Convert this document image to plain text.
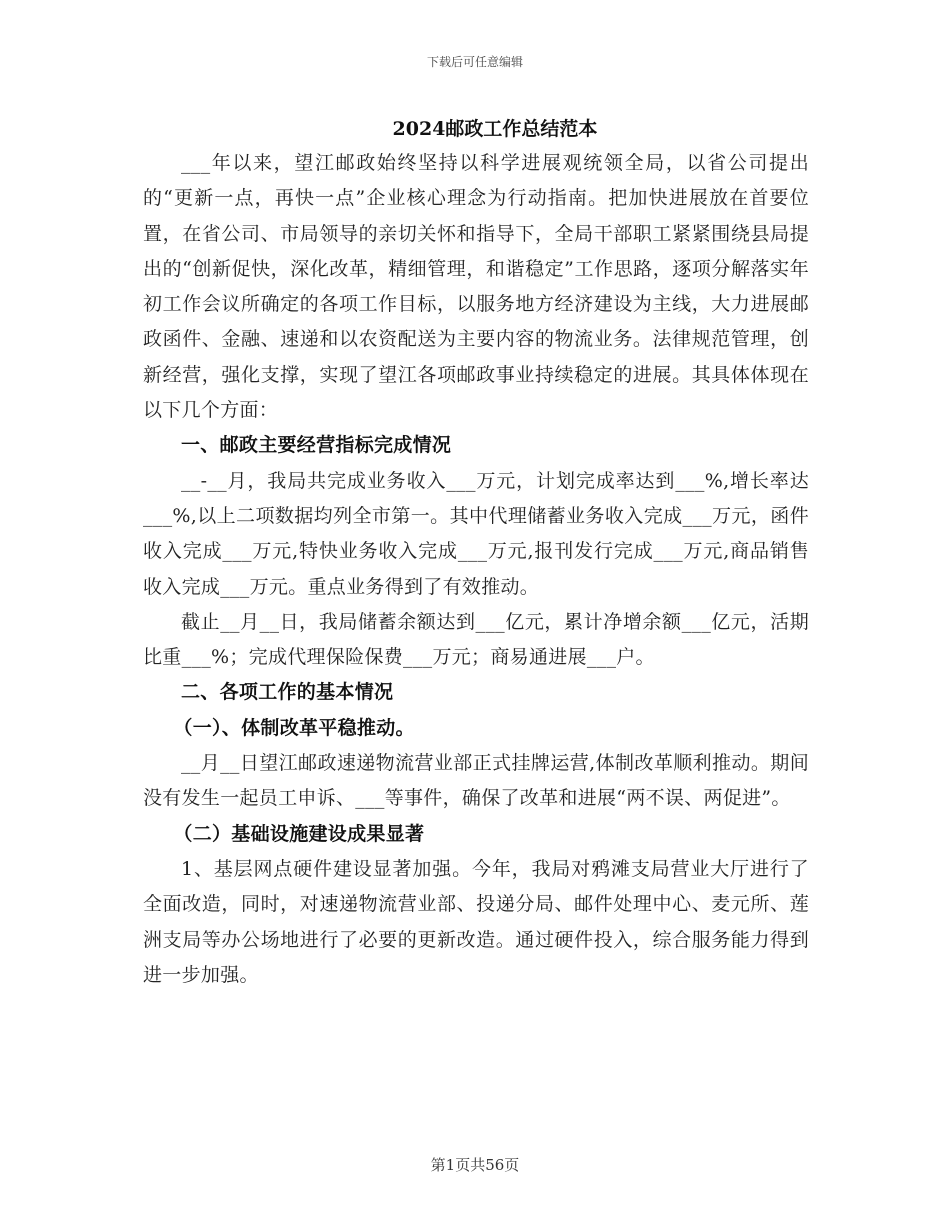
下载后可任意编辑
2024邮政工作总结范本

___年以来，望江邮政始终坚持以科学进展观统领全局，以省公司提出的“更新一点，再快一点”企业核心理念为行动指南。把加快进展放在首要位置，在省公司、市局领导的亲切关怀和指导下，全局干部职工紧紧围绕县局提出的“创新促快，深化改革，精细管理，和谐稳定”工作思路，逐项分解落实年初工作会议所确定的各项工作目标，以服务地方经济建设为主线，大力进展邮政函件、金融、速递和以农资配送为主要内容的物流业务。法律规范管理，创新经营，强化支撑，实现了望江各项邮政事业持续稳定的进展。其具体体现在以下几个方面：

一、邮政主要经营指标完成情况

__-__月，我局共完成业务收入___万元，计划完成率达到___%,增长率达___%,以上二项数据均列全市第一。其中代理储蓄业务收入完成___万元，函件收入完成___万元,特快业务收入完成___万元,报刊发行完成___万元,商品销售收入完成___万元。重点业务得到了有效推动。

截止__月__日，我局储蓄余额达到___亿元，累计净增余额___亿元，活期比重___%；完成代理保险保费___万元；商易通进展___户。

二、各项工作的基本情况

（一）、体制改革平稳推动。

__月__日望江邮政速递物流营业部正式挂牌运营,体制改革顺利推动。期间没有发生一起员工申诉、___等事件，确保了改革和进展“两不误、两促进”。

（二）基础设施建设成果显著

1、基层网点硬件建设显著加强。今年，我局对鸦滩支局营业大厅进行了全面改造，同时，对速递物流营业部、投递分局、邮件处理中心、麦元所、莲洲支局等办公场地进行了必要的更新改造。通过硬件投入，综合服务能力得到进一步加强。

第1页共56页
